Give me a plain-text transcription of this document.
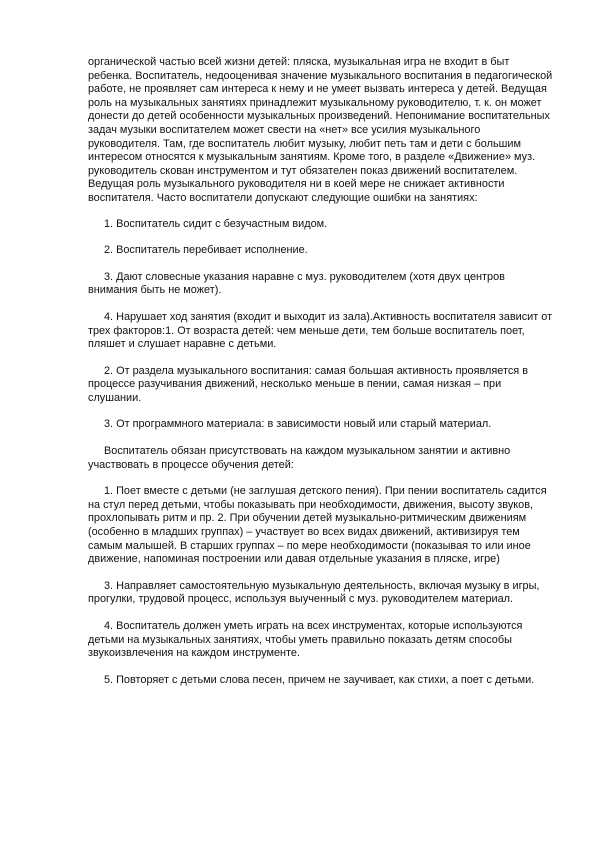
органической частью всей жизни детей: пляска, музыкальная игра не входит в быт ребенка. Воспитатель, недооценивая значение музыкального воспитания в педагогической работе, не проявляет сам интереса к нему и не умеет вызвать интереса у детей. Ведущая роль на музыкальных занятиях принадлежит музыкальному руководителю, т. к. он может донести до детей особенности музыкальных произведений. Непонимание воспитательных задач музыки воспитателем может свести на «нет» все усилия музыкального руководителя. Там, где воспитатель любит музыку, любит петь там и дети с большим интересом относятся к музыкальным занятиям. Кроме того, в разделе «Движение» муз. руководитель скован инструментом и тут обязателен показ движений воспитателем. Ведущая роль музыкального руководителя ни в коей мере не снижает активности воспитателя. Часто воспитатели допускают следующие ошибки на занятиях:

1. Воспитатель сидит с безучастным видом.

2. Воспитатель перебивает исполнение.

3. Дают словесные указания наравне с муз. руководителем (хотя двух центров внимания быть не может).

4. Нарушает ход занятия (входит и выходит из зала).Активность воспитателя зависит от трех факторов:1. От возраста детей: чем меньше дети, тем больше воспитатель поет, пляшет и слушает наравне с детьми.

2. От раздела музыкального воспитания: самая большая активность проявляется в процессе разучивания движений, несколько меньше в пении, самая низкая – при слушании.

3. От программного материала: в зависимости новый или старый материал.

Воспитатель обязан присутствовать на каждом музыкальном занятии и активно участвовать в процессе обучения детей:

1. Поет вместе с детьми (не заглушая детского пения). При пении воспитатель садится на стул перед детьми, чтобы показывать при необходимости, движения, высоту звуков, прохлопывать ритм и пр. 2. При обучении детей музыкально-ритмическим движениям (особенно в младших группах) – участвует во всех видах движений, активизируя тем самым малышей. В старших группах – по мере необходимости (показывая то или иное движение, напоминая построении или давая отдельные указания в пляске, игре)

3. Направляет самостоятельную музыкальную деятельность, включая музыку в игры, прогулки, трудовой процесс, используя выученный с муз. руководителем материал.

4. Воспитатель должен уметь играть на всех инструментах, которые используются детьми на музыкальных занятиях, чтобы уметь правильно показать детям способы звукоизвлечения на каждом инструменте.

5. Повторяет с детьми слова песен, причем не заучивает, как стихи, а поет с детьми.
